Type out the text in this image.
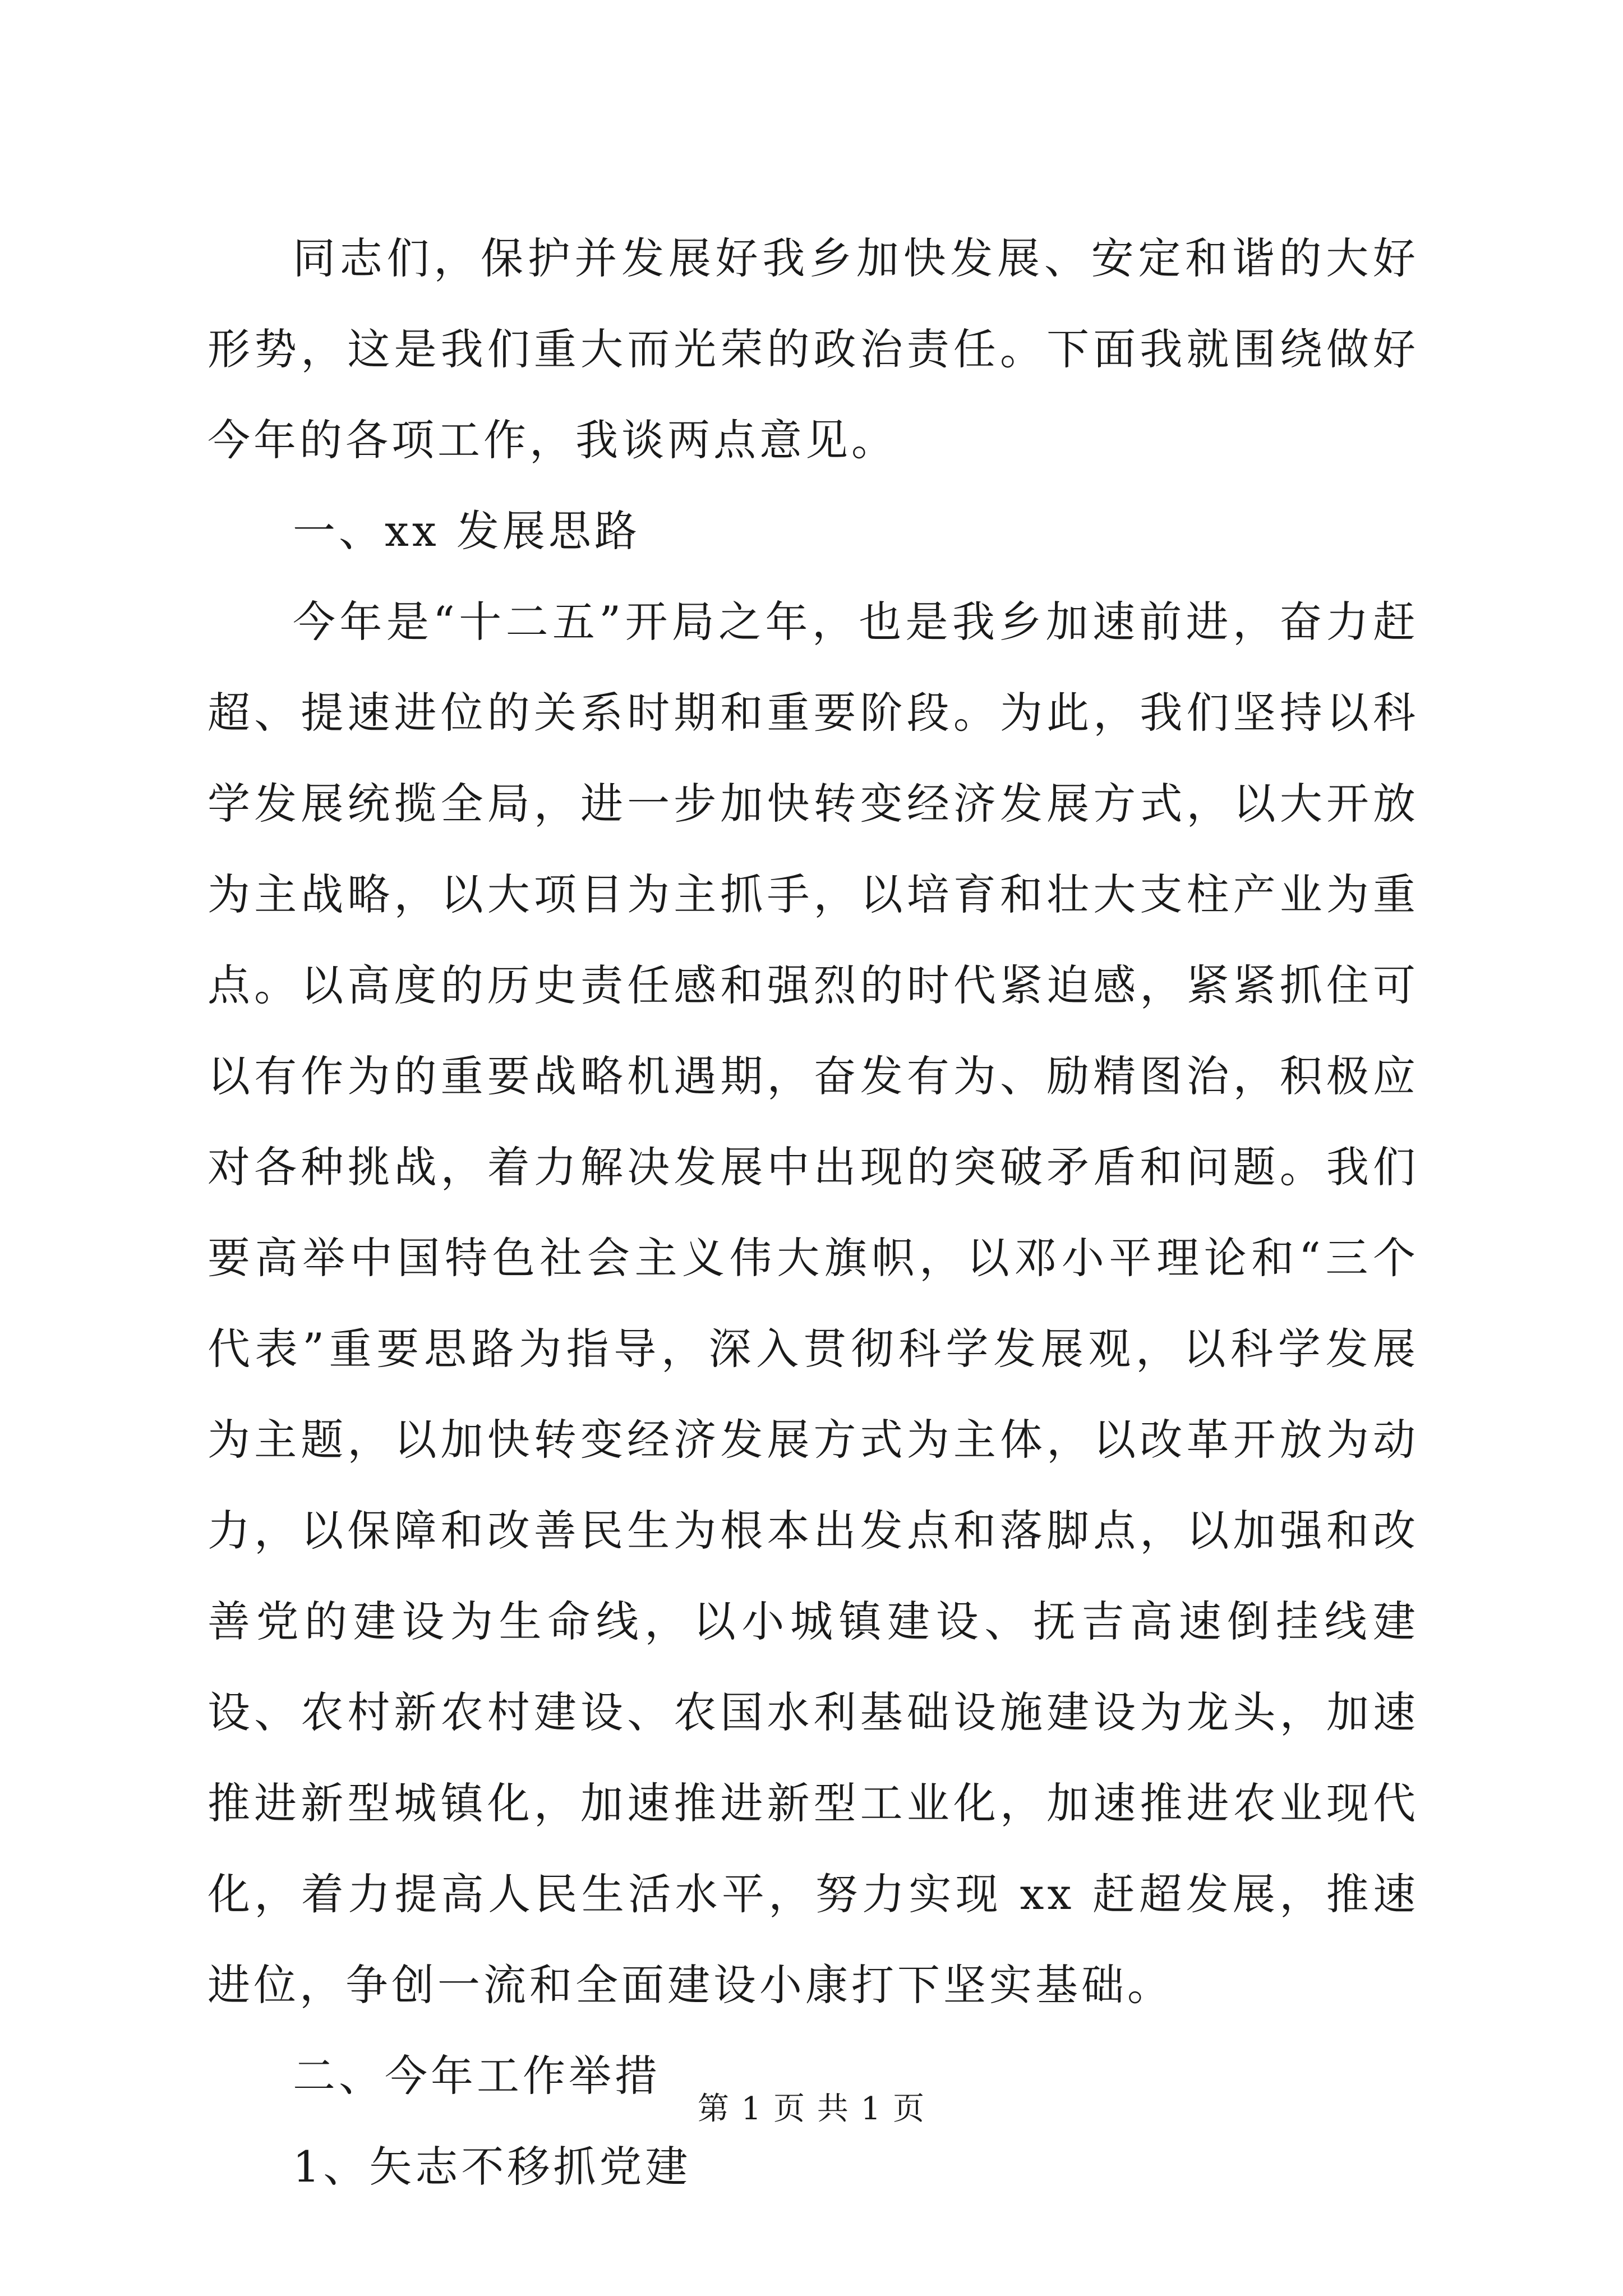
同志们，保护并发展好我乡加快发展、安定和谐的大好形势，这是我们重大而光荣的政治责任。下面我就围绕做好今年的各项工作，我谈两点意见。

一、xx 发展思路

今年是“十二五”开局之年，也是我乡加速前进，奋力赶超、提速进位的关系时期和重要阶段。为此，我们坚持以科学发展统揽全局，进一步加快转变经济发展方式，以大开放为主战略，以大项目为主抓手，以培育和壮大支柱产业为重点。以高度的历史责任感和强烈的时代紧迫感，紧紧抓住可以有作为的重要战略机遇期，奋发有为、励精图治，积极应对各种挑战，着力解决发展中出现的突破矛盾和问题。我们要高举中国特色社会主义伟大旗帜，以邓小平理论和“三个代表”重要思路为指导，深入贯彻科学发展观，以科学发展为主题，以加快转变经济发展方式为主体，以改革开放为动力，以保障和改善民生为根本出发点和落脚点，以加强和改善党的建设为生命线，以小城镇建设、抚吉高速倒挂线建设、农村新农村建设、农国水利基础设施建设为龙头，加速推进新型城镇化，加速推进新型工业化，加速推进农业现代化，着力提高人民生活水平，努力实现 xx 赶超发展，推速进位，争创一流和全面建设小康打下坚实基础。

二、今年工作举措

1、矢志不移抓党建

第 1 页 共 1 页
